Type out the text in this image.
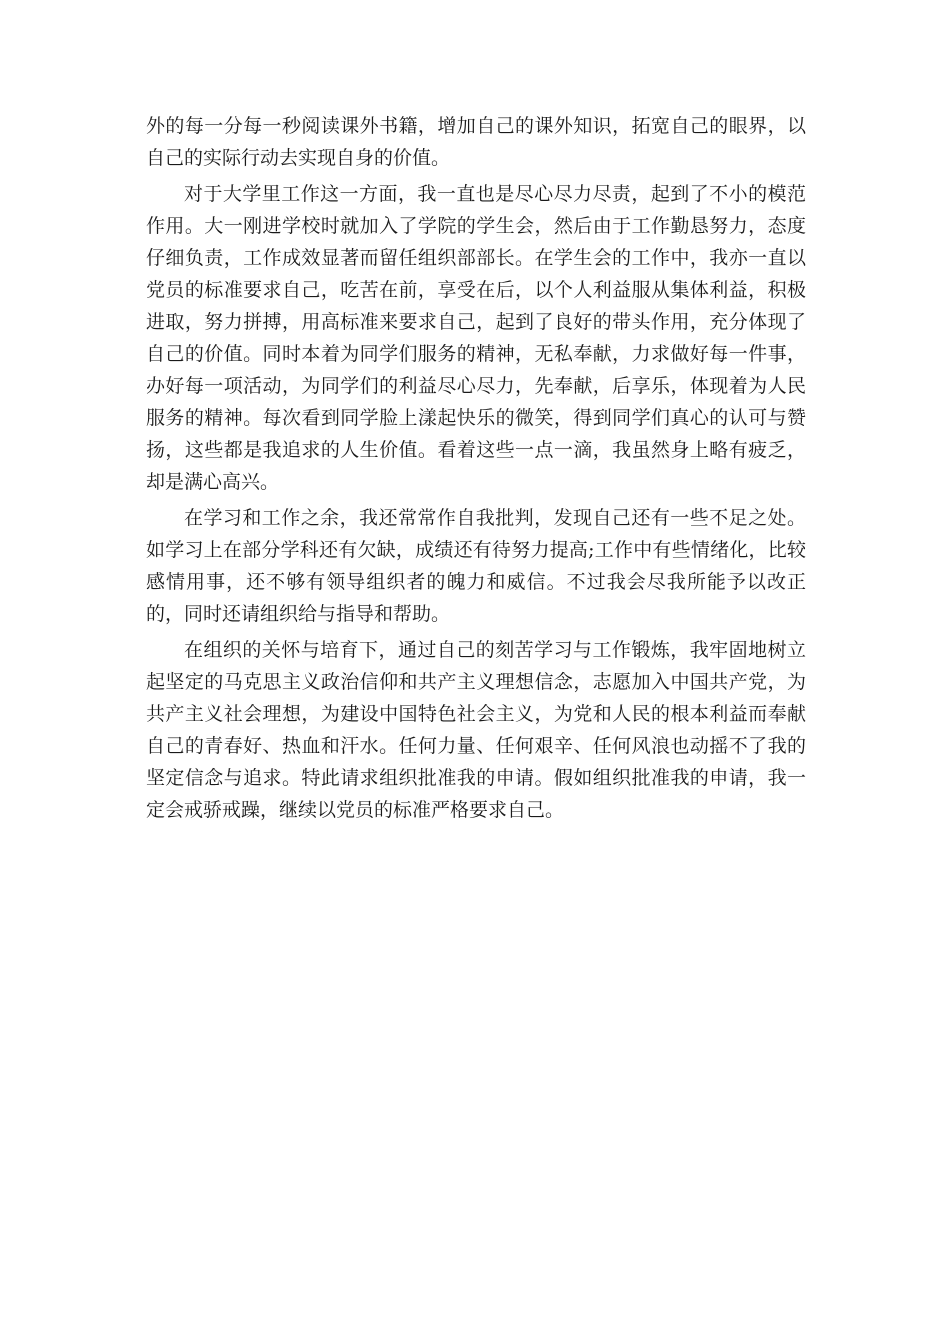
外的每一分每一秒阅读课外书籍，增加自己的课外知识，拓宽自己的眼界，以自己的实际行动去实现自身的价值。

对于大学里工作这一方面，我一直也是尽心尽力尽责，起到了不小的模范作用。大一刚进学校时就加入了学院的学生会，然后由于工作勤恳努力，态度仔细负责，工作成效显著而留任组织部部长。在学生会的工作中，我亦一直以党员的标准要求自己，吃苦在前，享受在后，以个人利益服从集体利益，积极进取，努力拼搏，用高标准来要求自己，起到了良好的带头作用，充分体现了自己的价值。同时本着为同学们服务的精神，无私奉献，力求做好每一件事，办好每一项活动，为同学们的利益尽心尽力，先奉献，后享乐，体现着为人民服务的精神。每次看到同学脸上漾起快乐的微笑，得到同学们真心的认可与赞扬，这些都是我追求的人生价值。看着这些一点一滴，我虽然身上略有疲乏，却是满心高兴。

在学习和工作之余，我还常常作自我批判，发现自己还有一些不足之处。如学习上在部分学科还有欠缺，成绩还有待努力提高;工作中有些情绪化，比较感情用事，还不够有领导组织者的魄力和威信。不过我会尽我所能予以改正的，同时还请组织给与指导和帮助。

在组织的关怀与培育下，通过自己的刻苦学习与工作锻炼，我牢固地树立起坚定的马克思主义政治信仰和共产主义理想信念，志愿加入中国共产党，为共产主义社会理想，为建设中国特色社会主义，为党和人民的根本利益而奉献自己的青春好、热血和汗水。任何力量、任何艰辛、任何风浪也动摇不了我的坚定信念与追求。特此请求组织批准我的申请。假如组织批准我的申请，我一定会戒骄戒躁，继续以党员的标准严格要求自己。
